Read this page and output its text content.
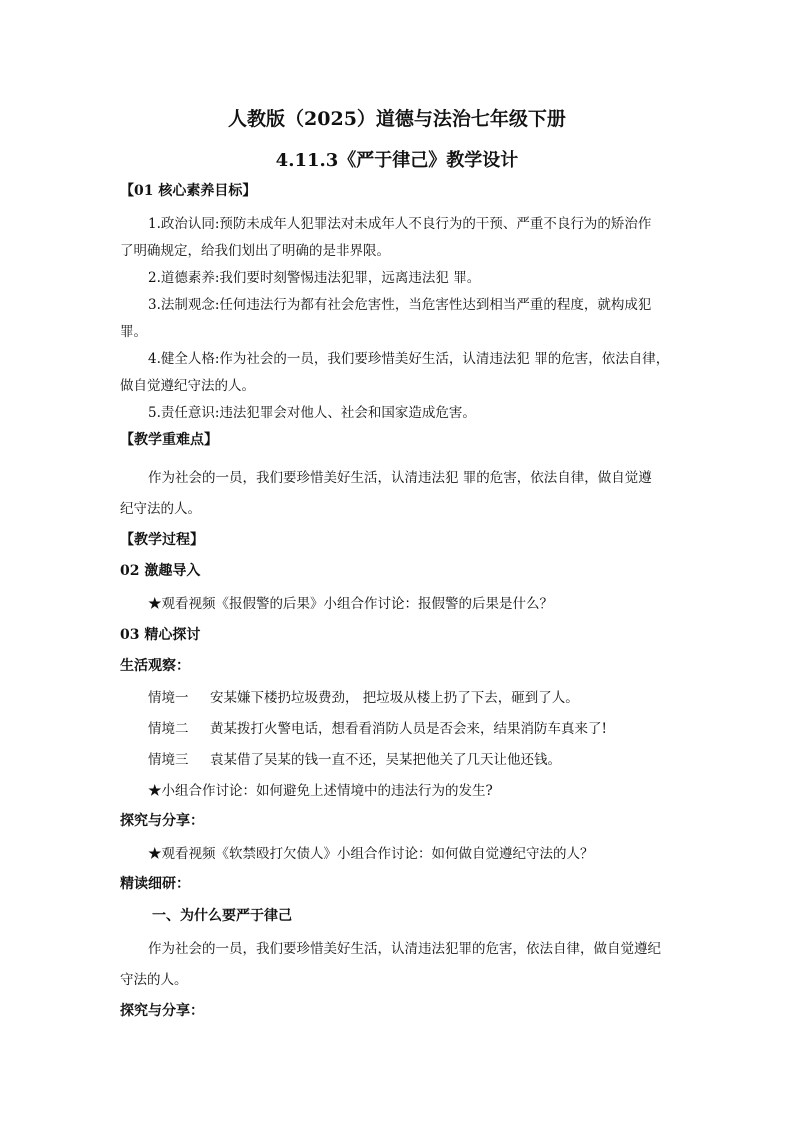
人教版（2025）道德与法治七年级下册
4.11.3《严于律己》教学设计
【01 核心素养目标】
1.政治认同:预防未成年人犯罪法对未成年人不良行为的干预、严重不良行为的矫治作
了明确规定，给我们划出了明确的是非界限。
2.道德素养:我们要时刻警惕违法犯罪，远离违法犯 罪。
3.法制观念:任何违法行为都有社会危害性，当危害性达到相当严重的程度，就构成犯
罪。
4.健全人格:作为社会的一员，我们要珍惜美好生活，认清违法犯 罪的危害，依法自律，
做自觉遵纪守法的人。
5.责任意识:违法犯罪会对他人、社会和国家造成危害。
【教学重难点】
作为社会的一员，我们要珍惜美好生活，认清违法犯 罪的危害，依法自律，做自觉遵
纪守法的人。
【教学过程】
02 激趣导入
★观看视频《报假警的后果》小组合作讨论：报假警的后果是什么？
03 精心探讨
生活观察：
情境一 安某嫌下楼扔垃圾费劲， 把垃圾从楼上扔了下去，砸到了人。
情境二 黄某拨打火警电话，想看看消防人员是否会来，结果消防车真来了!
情境三 袁某借了吴某的钱一直不还，吴某把他关了几天让他还钱。
★小组合作讨论：如何避免上述情境中的违法行为的发生?
探究与分享：
★观看视频《软禁殴打欠债人》小组合作讨论：如何做自觉遵纪守法的人？
精读细研：
一、为什么要严于律己
作为社会的一员，我们要珍惜美好生活，认清违法犯罪的危害，依法自律，做自觉遵纪
守法的人。
探究与分享：
